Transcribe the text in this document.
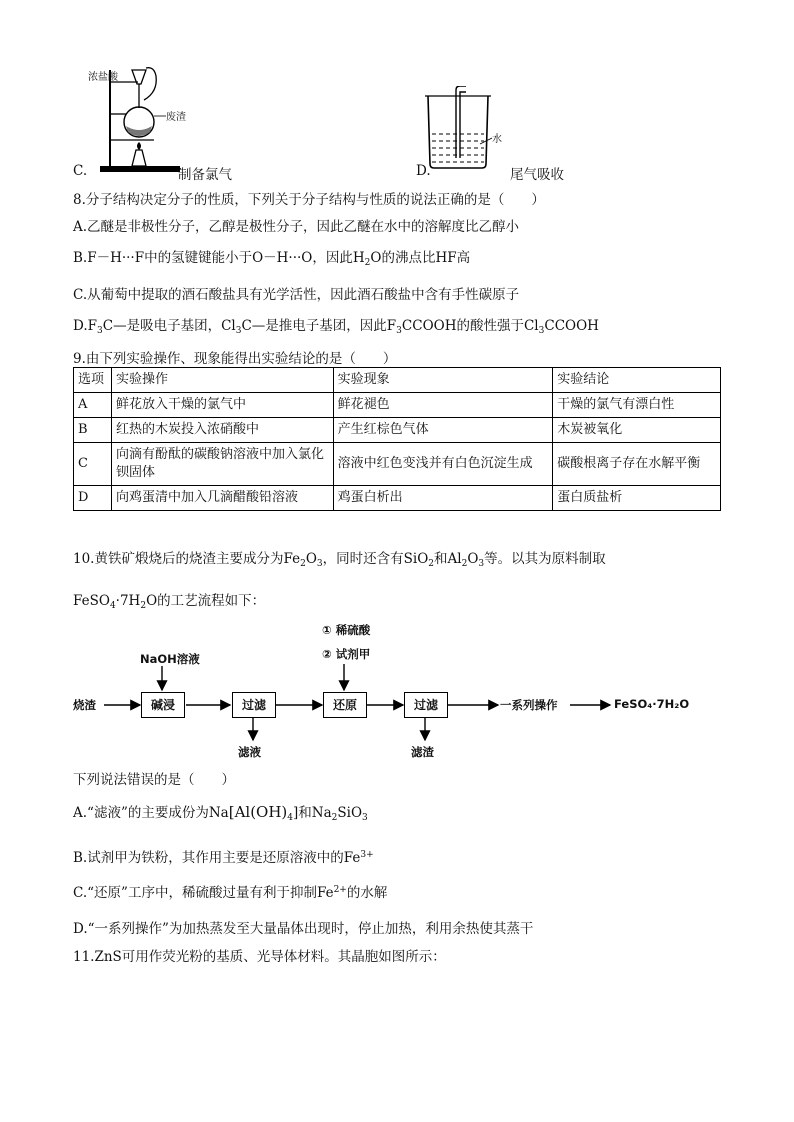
浓盐酸
废渣
C.	制备氯气
水
D.	尾气吸收
8.分子结构决定分子的性质，下列关于分子结构与性质的说法正确的是（　　）
A.乙醚是非极性分子，乙醇是极性分子，因此乙醚在水中的溶解度比乙醇小
B.F－H···F中的氢键键能小于O－H···O，因此$H_2O$的沸点比HF高
C.从葡萄中提取的酒石酸盐具有光学活性，因此酒石酸盐中含有手性碳原子
$D.F_3C—$是吸电子基团，$Cl_3C—$是推电子基团，因此$F_3CCOOH$的酸性强于$Cl_3CCOOH$
9.由下列实验操作、现象能得出实验结论的是（　　）
选项	实验操作	实验现象	实验结论
A	鲜花放入干燥的氯气中	鲜花褪色	干燥的氯气有漂白性
B	红热的木炭投入浓硝酸中	产生红棕色气体	木炭被氧化
C	向滴有酚酞的碳酸钠溶液中加入氯化钡固体	溶液中红色变浅并有白色沉淀生成	碳酸根离子存在水解平衡
D	向鸡蛋清中加入几滴醋酸铅溶液	鸡蛋白析出	蛋白质盐析
10.黄铁矿煅烧后的烧渣主要成分为$Fe_2O_3$，同时还含有SiO$_2$和$Al_2O_3$等。以其为原料制取
$FeSO_4\cdot 7H_2O$的工艺流程如下：
烧渣
NaOH溶液
碱浸	过滤
滤液
① 稀硫酸
② 试剂甲
还原	过滤
滤渣
一系列操作	FeSO₄·7H₂O
下列说法错误的是（　　）
A.“滤液”的主要成份为$Na[Al(OH)_4]$和$Na_2SiO_3$
B.试剂甲为铁粉，其作用主要是还原溶液中的$Fe^{3+}$
C.“还原”工序中，稀硫酸过量有利于抑制$Fe^{2+}$的水解
D.“一系列操作”为加热蒸发至大量晶体出现时，停止加热，利用余热使其蒸干
11.ZnS可用作荧光粉的基质、光导体材料。其晶胞如图所示：
